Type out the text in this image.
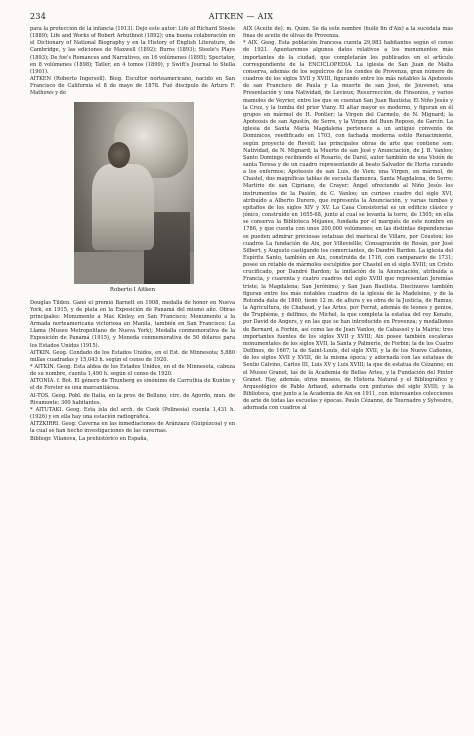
234	AITKEN — AIX

para la protección de la infancia (1913). Dejó este autor: Life of Richard Steele (1889); Life and Works of Robert Arbuthnot (1892); una buena colaboración en el Dictionary of National Biography y en la History of English Literature, de Cambridge, y las ediciones de Maxwell (1892); Burns (1893); Steele's Plays (1893); De foe's Romances and Narratives, en 16 volúmenes (1895); Spectator, en 8 volúmenes (1898); Tatler, en 4 tomos (1899), y Swift's Journal to Stella (1901).

AITKEN (Roberto Ingersoll). Biog. Escultor norteamericano, nacido en San Francisco de California el 8 de mayo de 1878. Fué discípulo de Arturo F. Mathews y de

Roberto I Aitken

Douglas Tilden. Ganó el premio Barnett en 1908, medalla de honor en Nueva York, en 1915, y de plata en la Exposición de Panamá del mismo año. Obras principales: Monumento a Mac Kinley, en San Francisco; Monumento a la Armada norteamericana victoriosa en Manila, también en San Francisco; La Llama (Museo Metropolitano de Nueva York); Medalla conmemorativa de la Exposición de Panamá (1915), y Moneda conmemorativa de 50 dólares para los Estados Unidos (1915).

AITKIN. Geog. Condado de los Estados Unidos, en el Est. de Minnesota; 5,880 millas cuadradas y 15,043 h. según el censo de 1920.

* AITKIN. Geog. Esta aldea de los Estados Unidos, en el de Minnesota, cabeza de su nombre, cuenta 1,490 h. según el censo de 1920.

AITONIA. f. Bot. El género de Thunberg es sinónimo de Carruthia de Kuntze y el de Forster es una marcantiácea.

AI-TOS. Geog. Pobl. de Italia, en la prov. de Belluno, circ. de Agordo, mun. de Rivamonte; 300 habitantes.

* AITUTAKI. Geog. Esta isla del arch. de Cook (Polinesia) cuenta 1,431 h. (1926) y en ella hay una estación radiográfica.

AITZKIRRI. Geog. Caverna en las inmediaciones de Aránzazu (Guipúzcoa) y en la cual se han hecho investigaciones de las cavernas.

Bibliogr. Vilanova, La prehistórico en España,

AIX (Aceite de). m. Quím. Se da este nombre (huile fin d'Aix) a la sucédata más finas de aceite de olivas de Provenza.

* AIX. Geog. Esta población francesa cuenta 29,983 habitantes según el censo de 1921. Apuntaremos algunos datos relativos a los monumentos más importantes de la ciudad, que completarán los publicados en el artículo correspondiente de la ENCICLOPEDIA. La iglesia de San Juan de Malta conserva, además de los sepulcros de los condes de Provenza, gran número de cuadros de los siglos XVII y XVIII, figurando entre los más notables la Apoteosis de san Francisco de Paula y La muerte de san José, de Jouvenet; una Presentación y una Natividad, de Levieux; Resurrección, de Finsonius, y varios mamoles de Veyrier, entre los que se cuentan San Juan Bautista; El Niño Jesús y la Cruz, y la tumba del prior Viany. El altar mayor es moderno, y figuran en él grupos en mármol de H. Pontier; la Virgen del Carmelo, de N. Mignard; la Apoteosis de san Agustín, de Serre, y la Virgen del Buen Reposo, de Garcín. La iglesia de Santa María Magdalena pertenece a un antiguo convento de Dominicos, reedificado en 1703, con fachada moderna estilo Renacimiento, según proyecto de Revoil; las principales obras de arte que contiene son: Natividad, de N. Mignard; la Muerte de san José y Anunciación, de J. B. Vanloo; Santo Domingo recibiendo el Rosario, de Darel, autor también de una Visión de santa Teresa y de un cuadro representando al beato Salvador de Horta curando a los enfermos; Apoteosis de san Luis, de Vien; una Virgen, en mármol, de Chastel, dos magníficas tablas de escuela flamenca, Santa Magdalena, de Serre; Martirio de san Cipriano, de Crayer; Angel ofreciendo al Niño Jesús los instrumentos de la Pasión, de C. Vanloo; un curioso cuadro del siglo XVI, atribuído a Alberto Durero, que representa la Anunciación, y varias tumbas y epitafios de los siglos XIV y XV. La Casa Consistorial es un edificio clásico y jónico, construído en 1655-68, junto al cual se levanta la torre, de 1505; en ella se conserva la Biblioteca Méjanes, fundada por el marqués de este nombre en 1786, y que cuenta con unos 200,000 volúmenes; en las distintas dependencias se pueden admirar preciosas estatuas del mariscal de Villars, por Coustou; los cuadros La fundación de Aix, por Villeviellle; Consagración de Rosán, por José Silbert, y Augusto castigando los comerciantes, de Dandré Bardon. La iglesia del Espíritu Santo, también en Aix, construida de 1716, con campanario de 1731; posee un retablo de mármoles esculpidos por Chastel en el siglo XVIII; un Cristo crucificado, por Dandré Bardon; la imitación de la Anunciación, atribuída a Francia, y cuarenta y cuatro cuadros del siglo XVIII que representan Jeremías triste; la Magdalena; San Jerónimo, y San Juan Bautista. Diecinueve también figuran entre los más notables cuadros de la iglesia de la Madeleine, y de la Rotonda data de 1860, tiene 12 m. de altura y es obra de la Justicia, de Ramus; la Agricultura, de Chabaud, y las Artes, por Ferrat, además de leones y genios, de Truphème, y delfines, de Michel, la que completa la estatua del rey Kenato, por David de Angers, y en las que se han introducido en Provenza; y medallones de Bernard, a Forbin, así como las de Jean Vanloo, de Cabassol y la Mairie; tres importantes fuentes de los siglos XVII y XVIII; Aix posee también escaleras monumentales de los siglos XVII, la Santa y Palmerie, de Forbin; la de los Cuatro Delfines, de 1667; la de Saint-Louis, del siglo XVII, y la de los Nueve Cañones, de los siglos XVII y XVIII, de la misma época; y adornada con las estatuas de Sextio Calvino, Carlos III, Luis XV y Luis XVIII; la que de estatua de Cézanne; en el Museo Granet, las de la Academia de Bellas Artes, y la Fundación del Pintor Granet. Hay, además, otros museos, de Historia Natural y el Bibliográfico y Arqueológico de Pablo Arbaud, adornada con pinturas del siglo XVIII; y la Biblioteca, que junto a la Academia de Aix en 1911, con interesantes colecciones de arte de todas las escuelas y épocas. Paulo Cézanne, de Tournadre y Sylvestre, adornada con cuadros al
